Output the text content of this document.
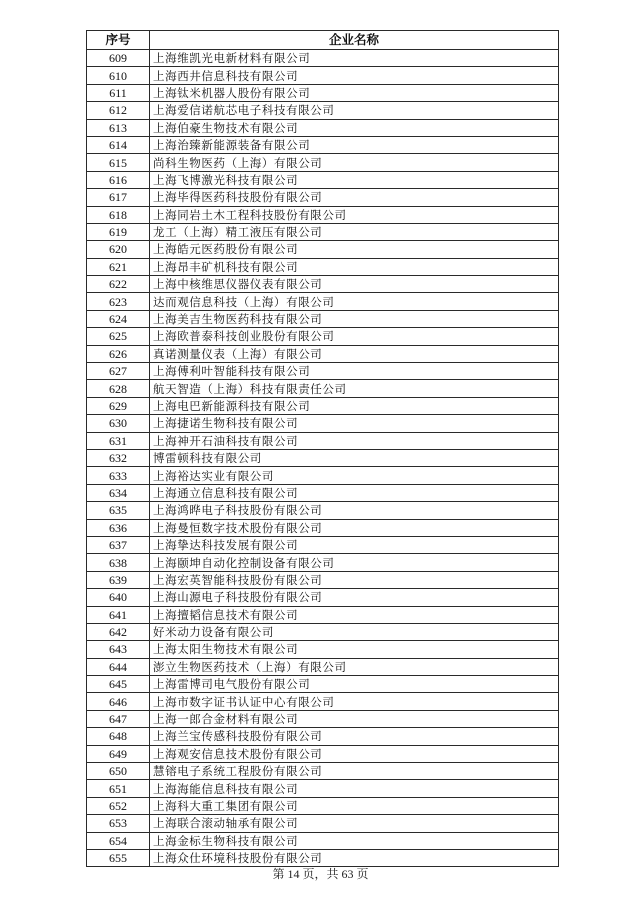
序号	企业名称
609	上海维凯光电新材料有限公司
610	上海西井信息科技有限公司
611	上海钛米机器人股份有限公司
612	上海爱信诺航芯电子科技有限公司
613	上海伯豪生物技术有限公司
614	上海治臻新能源装备有限公司
615	尚科生物医药（上海）有限公司
616	上海飞博激光科技有限公司
617	上海毕得医药科技股份有限公司
618	上海同岩土木工程科技股份有限公司
619	龙工（上海）精工液压有限公司
620	上海皓元医药股份有限公司
621	上海昂丰矿机科技有限公司
622	上海中核维思仪器仪表有限公司
623	达而观信息科技（上海）有限公司
624	上海美吉生物医药科技有限公司
625	上海欧普泰科技创业股份有限公司
626	真诺测量仪表（上海）有限公司
627	上海傅利叶智能科技有限公司
628	航天智造（上海）科技有限责任公司
629	上海电巴新能源科技有限公司
630	上海捷诺生物科技有限公司
631	上海神开石油科技有限公司
632	博雷顿科技有限公司
633	上海裕达实业有限公司
634	上海通立信息科技有限公司
635	上海鸿晔电子科技股份有限公司
636	上海曼恒数字技术股份有限公司
637	上海挚达科技发展有限公司
638	上海颐坤自动化控制设备有限公司
639	上海宏英智能科技股份有限公司
640	上海山源电子科技股份有限公司
641	上海擅韬信息技术有限公司
642	好米动力设备有限公司
643	上海太阳生物技术有限公司
644	澎立生物医药技术（上海）有限公司
645	上海雷博司电气股份有限公司
646	上海市数字证书认证中心有限公司
647	上海一郎合金材料有限公司
648	上海兰宝传感科技股份有限公司
649	上海观安信息技术股份有限公司
650	慧镕电子系统工程股份有限公司
651	上海海能信息科技有限公司
652	上海科大重工集团有限公司
653	上海联合滚动轴承有限公司
654	上海金标生物科技有限公司
655	上海众仕环境科技股份有限公司
第 14 页，共 63 页
